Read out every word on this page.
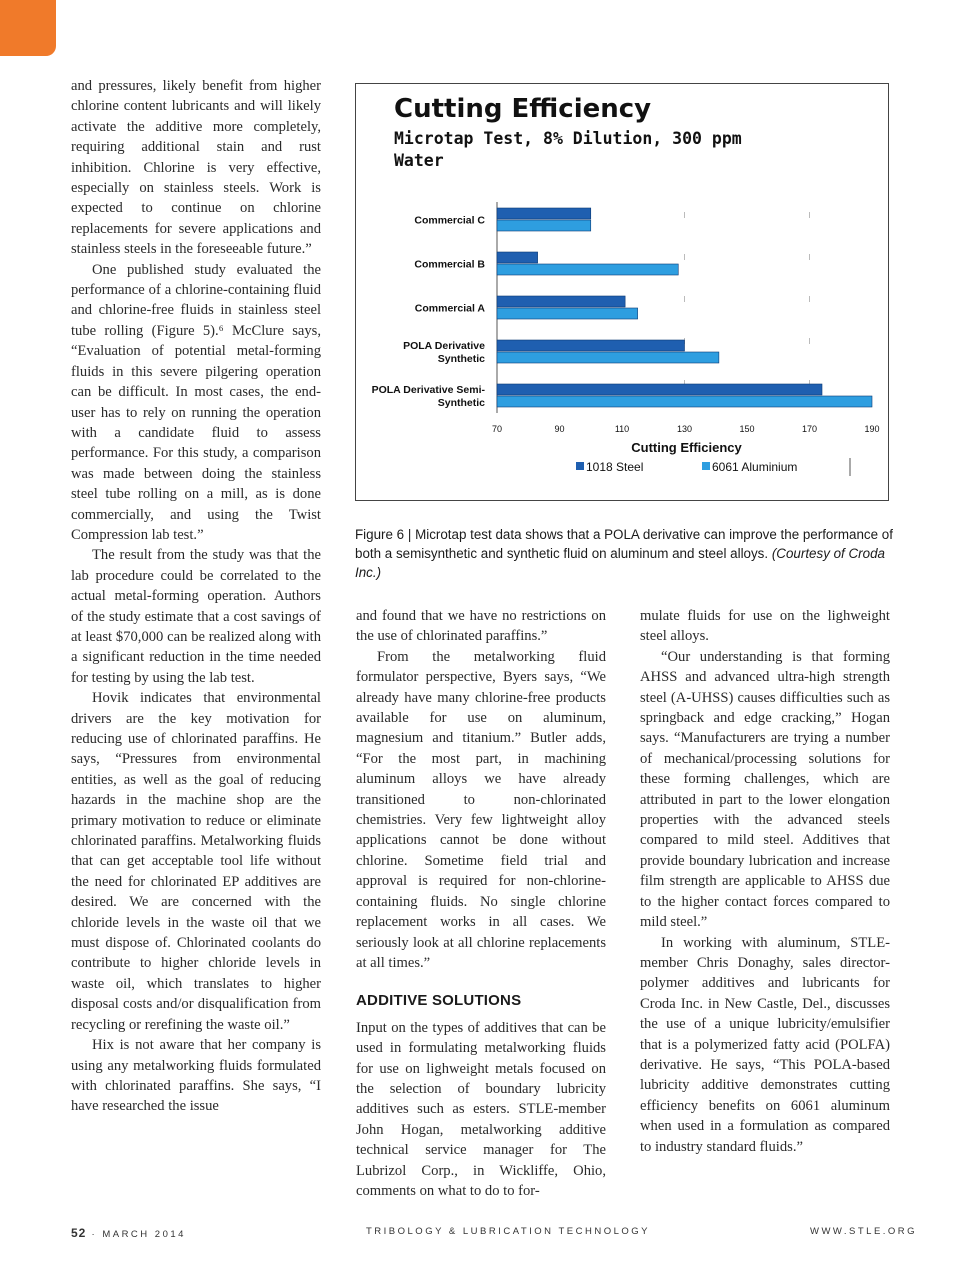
and pressures, likely benefit from higher chlorine content lubricants and will likely activate the additive more completely, requiring additional stain and rust inhibition. Chlorine is very effective, especially on stainless steels. Work is expected to continue on chlorine replacements for severe applications and stainless steels in the foreseeable future.”

One published study evaluated the performance of a chlorine-containing fluid and chlorine-free fluids in stainless steel tube rolling (Figure 5).⁶ McClure says, “Evaluation of potential metal-forming fluids in this severe pilgering operation can be difficult. In most cases, the end-user has to rely on running the operation with a candidate fluid to assess performance. For this study, a comparison was made between doing the stainless steel tube rolling on a mill, as is done commercially, and using the Twist Compression lab test.”

The result from the study was that the lab procedure could be correlated to the actual metal-forming operation. Authors of the study estimate that a cost savings of at least $70,000 can be realized along with a significant reduction in the time needed for testing by using the lab test.

Hovik indicates that environmental drivers are the key motivation for reducing use of chlorinated paraffins. He says, “Pressures from environmental entities, as well as the goal of reducing hazards in the machine shop are the primary motivation to reduce or eliminate chlorinated paraffins. Metalworking fluids that can get acceptable tool life without the need for chlorinated EP additives are desired. We are concerned with the chloride levels in the waste oil that we must dispose of. Chlorinated coolants do contribute to higher chloride levels in waste oil, which translates to higher disposal costs and/or disqualification from recycling or rerefining the waste oil.”

Hix is not aware that her company is using any metalworking fluids formulated with chlorinated paraffins. She says, “I have researched the issue

Cutting Efficiency
Microtap Test, 8% Dilution, 300 ppm Water
Commercial C
Commercial B
Commercial A
POLA Derivative
Synthetic
POLA Derivative Semi-
Synthetic
70	90	110	130	150	170	190
Cutting Efficiency
1018 Steel	6061 Aluminium
Figure 6 | Microtap test data shows that a POLA derivative can improve the performance of both a semisynthetic and synthetic fluid on aluminum and steel alloys. (Courtesy of Croda Inc.)

and found that we have no restrictions on the use of chlorinated paraffins.”

From the metalworking fluid formulator perspective, Byers says, “We already have many chlorine-free products available for use on aluminum, magnesium and titanium.” Butler adds, “For the most part, in machining aluminum alloys we have already transitioned to non-chlorinated chemistries. Very few lightweight alloy applications cannot be done without chlorine. Sometime field trial and approval is required for non-chlorine-containing fluids. No single chlorine replacement works in all cases. We seriously look at all chlorine replacements at all times.”

ADDITIVE SOLUTIONS

Input on the types of additives that can be used in formulating metalworking fluids for use on lighweight metals focused on the selection of boundary lubricity additives such as esters. STLE-member John Hogan, metalworking additive technical service manager for The Lubrizol Corp., in Wickliffe, Ohio, comments on what to do to for-

mulate fluids for use on the lighweight steel alloys.

“Our understanding is that forming AHSS and advanced ultra-high strength steel (A-UHSS) causes difficulties such as springback and edge cracking,” Hogan says. “Manufacturers are trying a number of mechanical/processing solutions for these forming challenges, which are attributed in part to the lower elongation properties with the advanced steels compared to mild steel. Additives that provide boundary lubrication and increase film strength are applicable to AHSS due to the higher contact forces compared to mild steel.”

In working with aluminum, STLE-member Chris Donaghy, sales director-polymer additives and lubricants for Croda Inc. in New Castle, Del., discusses the use of a unique lubricity/emulsifier that is a polymerized fatty acid (POLFA) derivative. He says, “This POLA-based lubricity additive demonstrates cutting efficiency benefits on 6061 aluminum when used in a formulation as compared to industry standard fluids.”

52 · MARCH 2014	TRIBOLOGY & LUBRICATION TECHNOLOGY	WWW.STLE.ORG
